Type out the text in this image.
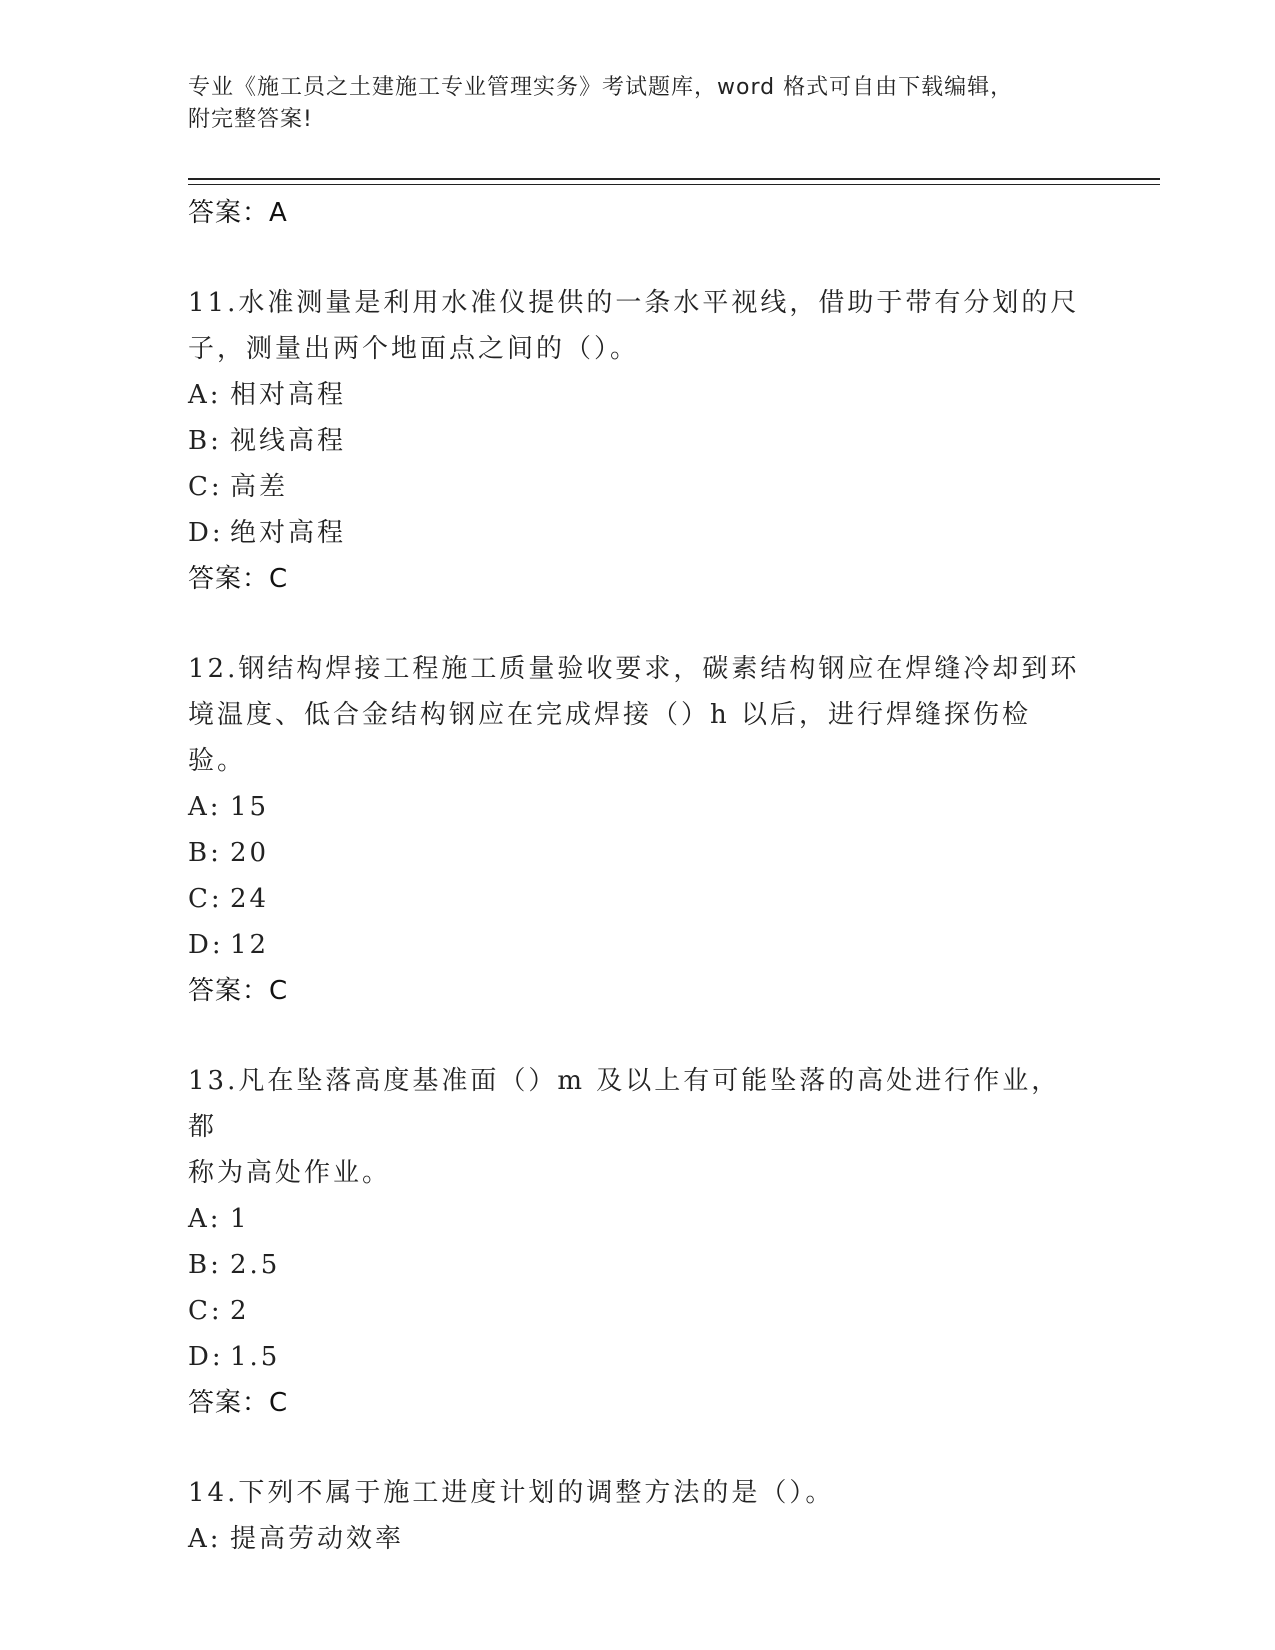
专业《施工员之土建施工专业管理实务》考试题库，word 格式可自由下载编辑，
附完整答案!
答案：A
11.水准测量是利用水准仪提供的一条水平视线，借助于带有分划的尺
子，测量出两个地面点之间的（）。
A: 相对高程
B: 视线高程
C: 高差
D: 绝对高程
答案：C
12.钢结构焊接工程施工质量验收要求，碳素结构钢应在焊缝冷却到环
境温度、低合金结构钢应在完成焊接（）h 以后，进行焊缝探伤检验。
A: 15
B: 20
C: 24
D: 12
答案：C
13.凡在坠落高度基准面（）m 及以上有可能坠落的高处进行作业，都
称为高处作业。
A: 1
B: 2.5
C: 2
D: 1.5
答案：C
14.下列不属于施工进度计划的调整方法的是（）。
A: 提高劳动效率
